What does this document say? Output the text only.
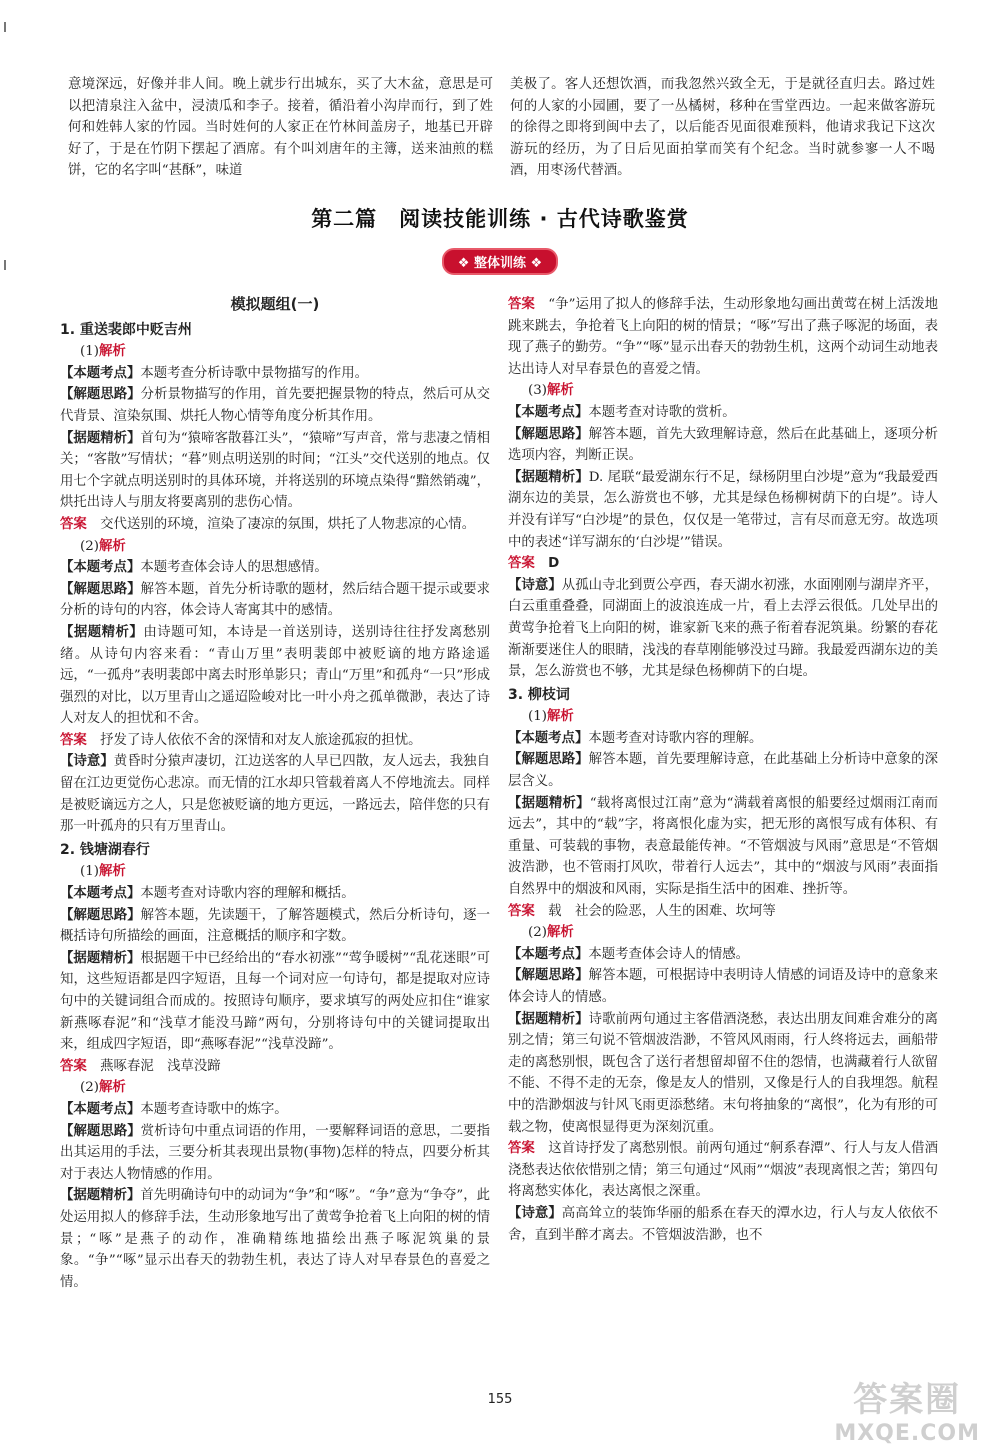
意境深远，好像并非人间。晚上就步行出城东，买了大木盆，意思是可以把清泉注入盆中，浸渍瓜和李子。接着，循沿着小沟岸而行，到了姓何和姓韩人家的竹园。当时姓何的人家正在竹林间盖房子，地基已开辟好了，于是在竹阴下摆起了酒席。有个叫刘唐年的主簿，送来油煎的糕饼，它的名字叫“甚酥”，味道

美极了。客人还想饮酒，而我忽然兴致全无，于是就径直归去。路过姓何的人家的小园圃，要了一丛橘树，移种在雪堂西边。一起来做客游玩的徐得之即将到闽中去了，以后能否见面很难预料，他请求我记下这次游玩的经历，为了日后见面拍掌而笑有个纪念。当时就参寥一人不喝酒，用枣汤代替酒。

第二篇　阅读技能训练 · 古代诗歌鉴赏
❖ 整体训练 ❖
模拟题组(一)
1. 重送裴郎中贬吉州

(1)解析

【本题考点】本题考查分析诗歌中景物描写的作用。

【解题思路】分析景物描写的作用，首先要把握景物的特点，然后可从交代背景、渲染氛围、烘托人物心情等角度分析其作用。

【据题精析】首句为“猿啼客散暮江头”，“猿啼”写声音，常与悲凄之情相关；“客散”写情状；“暮”则点明送别的时间；“江头”交代送别的地点。仅用七个字就点明送别时的具体环境，并将送别的环境点染得“黯然销魂”，烘托出诗人与朋友将要离别的悲伤心情。

答案　 交代送别的环境，渲染了凄凉的氛围，烘托了人物悲凉的心情。

(2)解析

【本题考点】本题考查体会诗人的思想感情。

【解题思路】解答本题，首先分析诗歌的题材，然后结合题干提示或要求分析的诗句的内容，体会诗人寄寓其中的感情。

【据题精析】由诗题可知，本诗是一首送别诗，送别诗往往抒发离愁别绪。从诗句内容来看：“青山万里”表明裴郎中被贬谪的地方路途遥远，“一孤舟”表明裴郎中离去时形单影只；青山“万里”和孤舟“一只”形成强烈的对比，以万里青山之遥迢险峻对比一叶小舟之孤单微渺，表达了诗人对友人的担忧和不舍。

答案　 抒发了诗人依依不舍的深情和对友人旅途孤寂的担忧。

【诗意】黄昏时分猿声凄切，江边送客的人早已四散，友人远去，我独自留在江边更觉伤心悲凉。而无情的江水却只管载着离人不停地流去。同样是被贬谪远方之人，只是您被贬谪的地方更远，一路远去，陪伴您的只有那一叶孤舟的只有万里青山。

2. 钱塘湖春行

(1)解析

【本题考点】本题考查对诗歌内容的理解和概括。

【解题思路】解答本题，先读题干，了解答题模式，然后分析诗句，逐一概括诗句所描绘的画面，注意概括的顺序和字数。

【据题精析】根据题干中已经给出的“春水初涨”“莺争暖树”“乱花迷眼”可知，这些短语都是四字短语，且每一个词对应一句诗句，都是提取对应诗句中的关键词组合而成的。按照诗句顺序，要求填写的两处应扣住“谁家新燕啄春泥”和“浅草才能没马蹄”两句，分别将诗句中的关键词提取出来，组成四字短语，即“燕啄春泥”“浅草没蹄”。

答案　 燕啄春泥　浅草没蹄

(2)解析

【本题考点】本题考查诗歌中的炼字。

【解题思路】赏析诗句中重点词语的作用，一要解释词语的意思，二要指出其运用的手法，三要分析其表现出景物(事物)怎样的特点，四要分析其对于表达人物情感的作用。

【据题精析】首先明确诗句中的动词为“争”和“啄”。“争”意为“争夺”，此处运用拟人的修辞手法，生动形象地写出了黄莺争抢着飞上向阳的树的情景；“啄”是燕子的动作，准确精练地描绘出燕子啄泥筑巢的景象。“争”“啄”显示出春天的勃勃生机，表达了诗人对早春景色的喜爱之情。

答案　 “争”运用了拟人的修辞手法，生动形象地勾画出黄莺在树上活泼地跳来跳去，争抢着飞上向阳的树的情景；“啄”写出了燕子啄泥的场面，表现了燕子的勤劳。“争”“啄”显示出春天的勃勃生机，这两个动词生动地表达出诗人对早春景色的喜爱之情。

(3)解析

【本题考点】本题考查对诗歌的赏析。

【解题思路】解答本题，首先大致理解诗意，然后在此基础上，逐项分析选项内容，判断正误。

【据题精析】D. 尾联“最爱湖东行不足，绿杨阴里白沙堤”意为“我最爱西湖东边的美景，怎么游赏也不够，尤其是绿色杨柳树荫下的白堤”。诗人并没有详写“白沙堤”的景色，仅仅是一笔带过，言有尽而意无穷。故选项中的表述“详写湖东的‘白沙堤’”错误。

答案　 D

【诗意】从孤山寺北到贾公亭西，春天湖水初涨，水面刚刚与湖岸齐平，白云重重叠叠，同湖面上的波浪连成一片，看上去浮云很低。几处早出的黄莺争抢着飞上向阳的树，谁家新飞来的燕子衔着春泥筑巢。纷繁的春花渐渐要迷住人的眼睛，浅浅的春草刚能够没过马蹄。我最爱西湖东边的美景，怎么游赏也不够，尤其是绿色杨柳荫下的白堤。

3. 柳枝词

(1)解析

【本题考点】本题考查对诗歌内容的理解。

【解题思路】解答本题，首先要理解诗意，在此基础上分析诗中意象的深层含义。

【据题精析】“载将离恨过江南”意为“满载着离恨的船要经过烟雨江南而远去”，其中的“载”字，将离恨化虚为实，把无形的离恨写成有体积、有重量、可装载的事物，表意最能传神。“不管烟波与风雨”意思是“不管烟波浩渺，也不管雨打风吹，带着行人远去”，其中的“烟波与风雨”表面指自然界中的烟波和风雨，实际是指生活中的困难、挫折等。

答案　 载　社会的险恶，人生的困难、坎坷等

(2)解析

【本题考点】本题考查体会诗人的情感。

【解题思路】解答本题，可根据诗中表明诗人情感的词语及诗中的意象来体会诗人的情感。

【据题精析】诗歌前两句通过主客借酒浇愁，表达出朋友间难舍难分的离别之情；第三句说不管烟波浩渺，不管风风雨雨，行人终将远去，画船带走的离愁别恨，既包含了送行者想留却留不住的怨情，也满藏着行人欲留不能、不得不走的无奈，像是友人的惜别，又像是行人的自我埋怨。航程中的浩渺烟波与针风飞雨更添愁绪。末句将抽象的“离恨”，化为有形的可载之物，使离恨显得更为深刻沉重。

答案　 这首诗抒发了离愁别恨。前两句通过“舸系春潭”、行人与友人借酒浇愁表达依依惜别之情；第三句通过“风雨”“烟波”表现离恨之苦；第四句将离愁实体化，表达离恨之深重。

【诗意】高高耸立的装饰华丽的船系在春天的潭水边，行人与友人依依不舍，直到半醉才离去。不管烟波浩渺，也不

155	答案圈
MXQE.COM
